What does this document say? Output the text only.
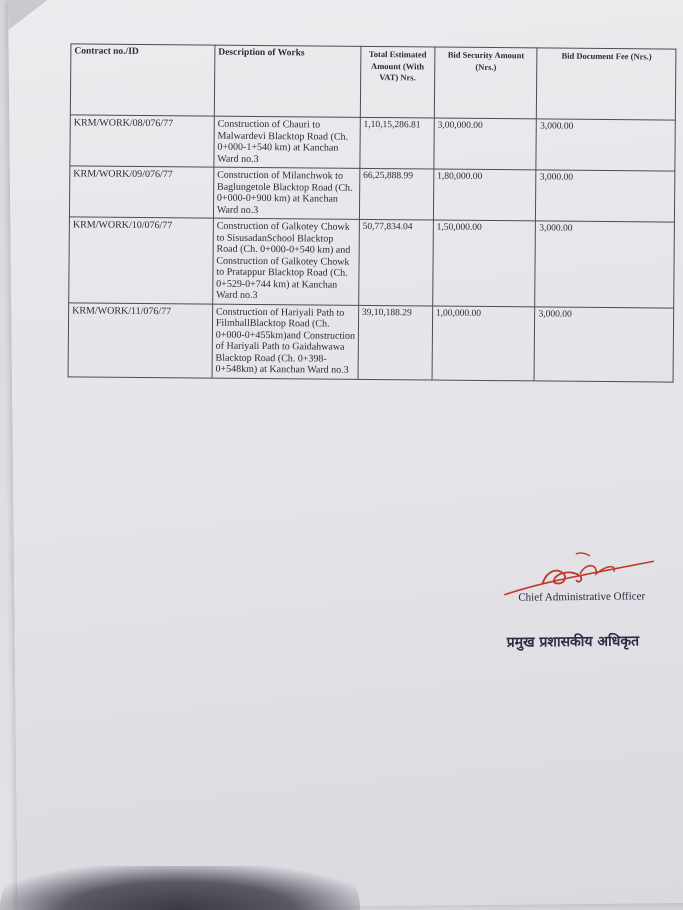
Contract no./ID	Description of Works	Total Estimated Amount (With VAT) Nrs.	Bid Security Amount (Nrs.)	Bid Document Fee (Nrs.)
KRM/WORK/08/076/77	Construction of Chauri to Malwardevi Blacktop Road (Ch. 0+000-1+540 km) at Kanchan Ward no.3	1,10,15,286.81	3,00,000.00	3,000.00
KRM/WORK/09/076/77	Construction of Milanchwok to Baglungetole Blacktop Road (Ch. 0+000-0+900 km) at Kanchan Ward no.3	66,25,888.99	1,80,000.00	3,000.00
KRM/WORK/10/076/77	Construction of Galkotey Chowk to SisusadanSchool Blacktop Road (Ch. 0+000-0+540 km) and Construction of Galkotey Chowk to Pratappur Blacktop Road (Ch. 0+529-0+744 km) at Kanchan Ward no.3	50,77,834.04	1,50,000.00	3,000.00
KRM/WORK/11/076/77	Construction of Hariyali Path to FilmhallBlacktop Road (Ch. 0+000-0+455km)and Construction of Hariyali Path to Gaidahwawa Blacktop Road (Ch. 0+398-0+548km) at Kanchan Ward no.3	39,10,188.29	1,00,000.00	3,000.00
Chief Administrative Officer
प्रमुख प्रशासकीय अधिकृत
